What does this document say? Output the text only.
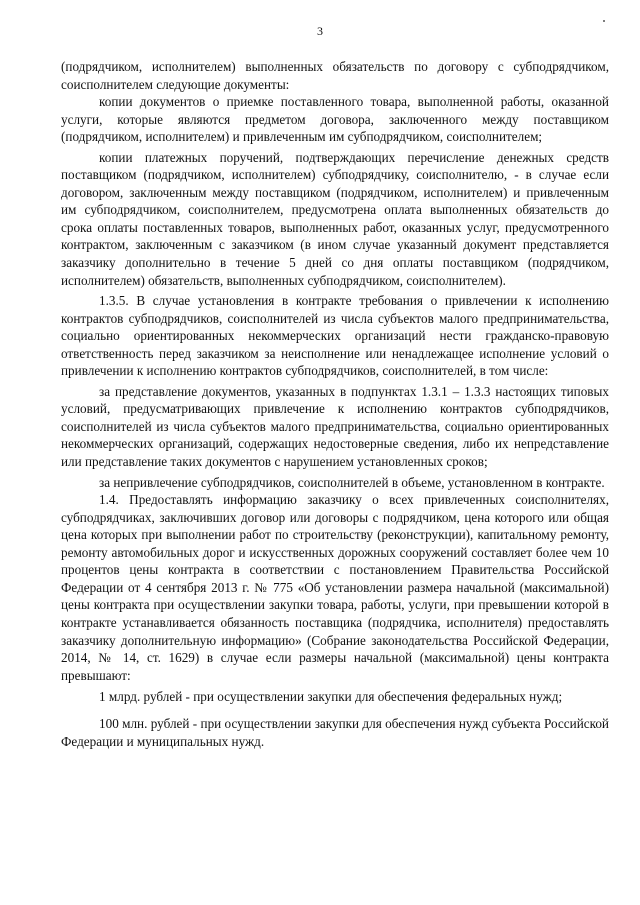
3

(подрядчиком, исполнителем) выполненных обязательств по договору с субподрядчиком, соисполнителем следующие документы:

копии документов о приемке поставленного товара, выполненной работы, оказанной услуги, которые являются предметом договора, заключенного между поставщиком (подрядчиком, исполнителем) и привлеченным им субподрядчиком, соисполнителем;

копии платежных поручений, подтверждающих перечисление денежных средств поставщиком (подрядчиком, исполнителем) субподрядчику, соисполнителю, - в случае если договором, заключенным между поставщиком (подрядчиком, исполнителем) и привлеченным им субподрядчиком, соисполнителем, предусмотрена оплата выполненных обязательств до срока оплаты поставленных товаров, выполненных работ, оказанных услуг, предусмотренного контрактом, заключенным с заказчиком (в ином случае указанный документ представляется заказчику дополнительно в течение 5 дней со дня оплаты поставщиком (подрядчиком, исполнителем) обязательств, выполненных субподрядчиком, соисполнителем).

1.3.5. В случае установления в контракте требования о привлечении к исполнению контрактов субподрядчиков, соисполнителей из числа субъектов малого предпринимательства, социально ориентированных некоммерческих организаций нести гражданско-правовую ответственность перед заказчиком за неисполнение или ненадлежащее исполнение условий о привлечении к исполнению контрактов субподрядчиков, соисполнителей, в том числе:

за представление документов, указанных в подпунктах 1.3.1 – 1.3.3 настоящих типовых условий, предусматривающих привлечение к исполнению контрактов субподрядчиков, соисполнителей из числа субъектов малого предпринимательства, социально ориентированных некоммерческих организаций, содержащих недостоверные сведения, либо их непредставление или представление таких документов с нарушением установленных сроков;

за непривлечение субподрядчиков, соисполнителей в объеме, установленном в контракте.

1.4. Предоставлять информацию заказчику о всех привлеченных соисполнителях, субподрядчиках, заключивших договор или договоры с подрядчиком, цена которого или общая цена которых при выполнении работ по строительству (реконструкции), капитальному ремонту, ремонту автомобильных дорог и искусственных дорожных сооружений составляет более чем 10 процентов цены контракта в соответствии с постановлением Правительства Российской Федерации от 4 сентября 2013 г. № 775 «Об установлении размера начальной (максимальной) цены контракта при осуществлении закупки товара, работы, услуги, при превышении которой в контракте устанавливается обязанность поставщика (подрядчика, исполнителя) предоставлять заказчику дополнительную информацию» (Собрание законодательства Российской Федерации, 2014, № 14, ст. 1629) в случае если размеры начальной (максимальной) цены контракта превышают:

1 млрд. рублей - при осуществлении закупки для обеспечения федеральных нужд;

100 млн. рублей - при осуществлении закупки для обеспечения нужд субъекта Российской Федерации и муниципальных нужд.
